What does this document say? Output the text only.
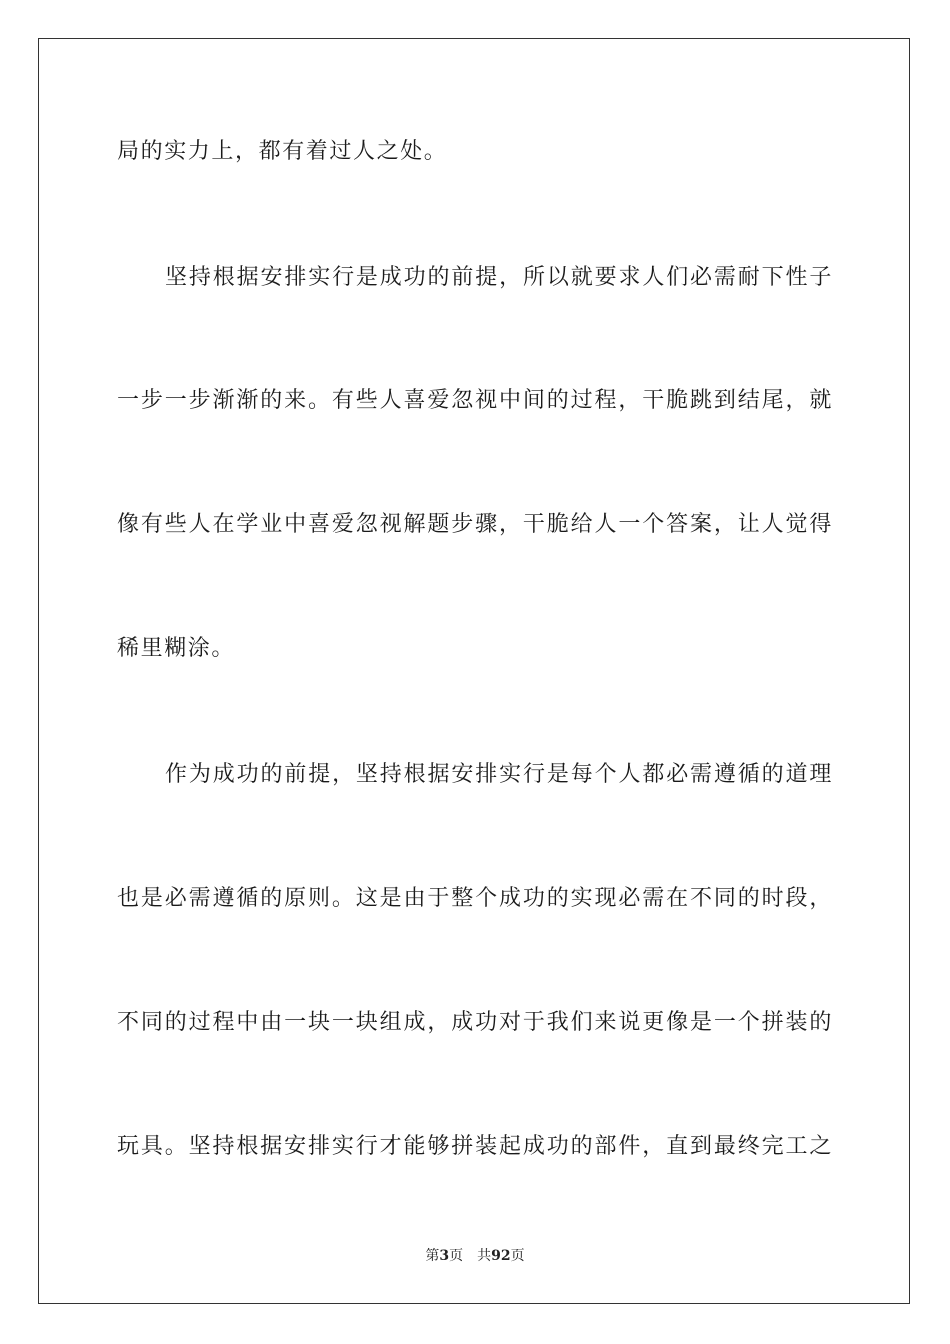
局的实力上，都有着过人之处。
坚持根据安排实行是成功的前提，所以就要求人们必需耐下性子
一步一步渐渐的来。有些人喜爱忽视中间的过程，干脆跳到结尾，就
像有些人在学业中喜爱忽视解题步骤，干脆给人一个答案，让人觉得
稀里糊涂。
作为成功的前提，坚持根据安排实行是每个人都必需遵循的道理
也是必需遵循的原则。这是由于整个成功的实现必需在不同的时段，
不同的过程中由一块一块组成，成功对于我们来说更像是一个拼装的
玩具。坚持根据安排实行才能够拼装起成功的部件，直到最终完工之
第3页 共92页
